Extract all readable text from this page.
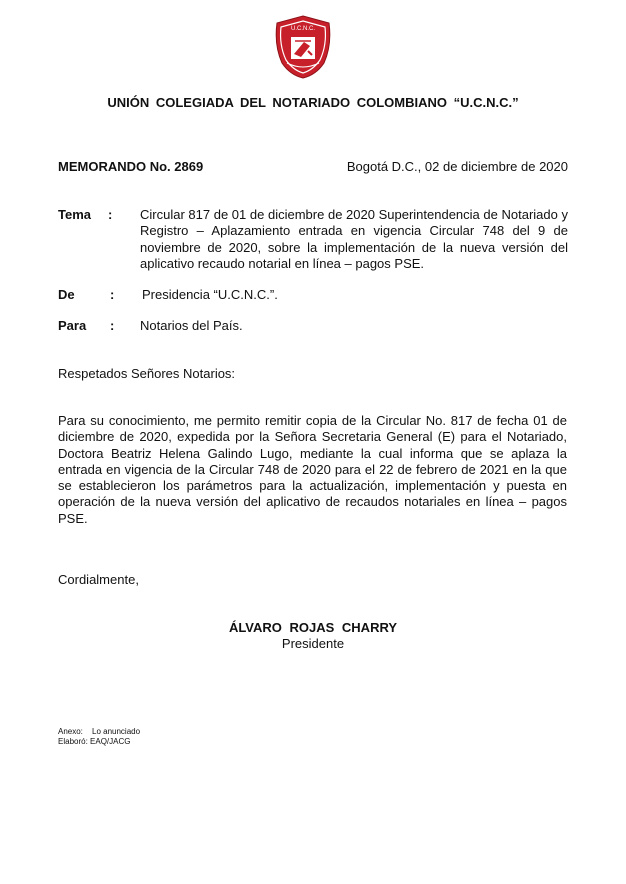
U.C.N.C.
UNIÓN COLEGIADA DEL NOTARIADO COLOMBIANO “U.C.N.C.”
MEMORANDO No. 2869	Bogotá D.C., 02 de diciembre de 2020
Tema : Circular 817 de 01 de diciembre de 2020 Superintendencia de Notariado y Registro – Aplazamiento entrada en vigencia Circular 748 del 9 de noviembre de 2020, sobre la implementación de la nueva versión del aplicativo recaudo notarial en línea – pagos PSE.
De	: Presidencia “U.C.N.C.”.
Para : Notarios del País.
Respetados Señores Notarios:
Para su conocimiento, me permito remitir copia de la Circular No. 817 de fecha 01 de diciembre de 2020, expedida por la Señora Secretaria General (E) para el Notariado, Doctora Beatriz Helena Galindo Lugo, mediante la cual informa que se aplaza la entrada en vigencia de la Circular 748 de 2020 para el 22 de febrero de 2021 en la que se establecieron los parámetros para la actualización, implementación y puesta en operación de la nueva versión del aplicativo de recaudos notariales en línea – pagos PSE.
Cordialmente,
ÁLVARO ROJAS CHARRY
Presidente
Anexo: Lo anunciado
Elaboró: EAQ/JACG
